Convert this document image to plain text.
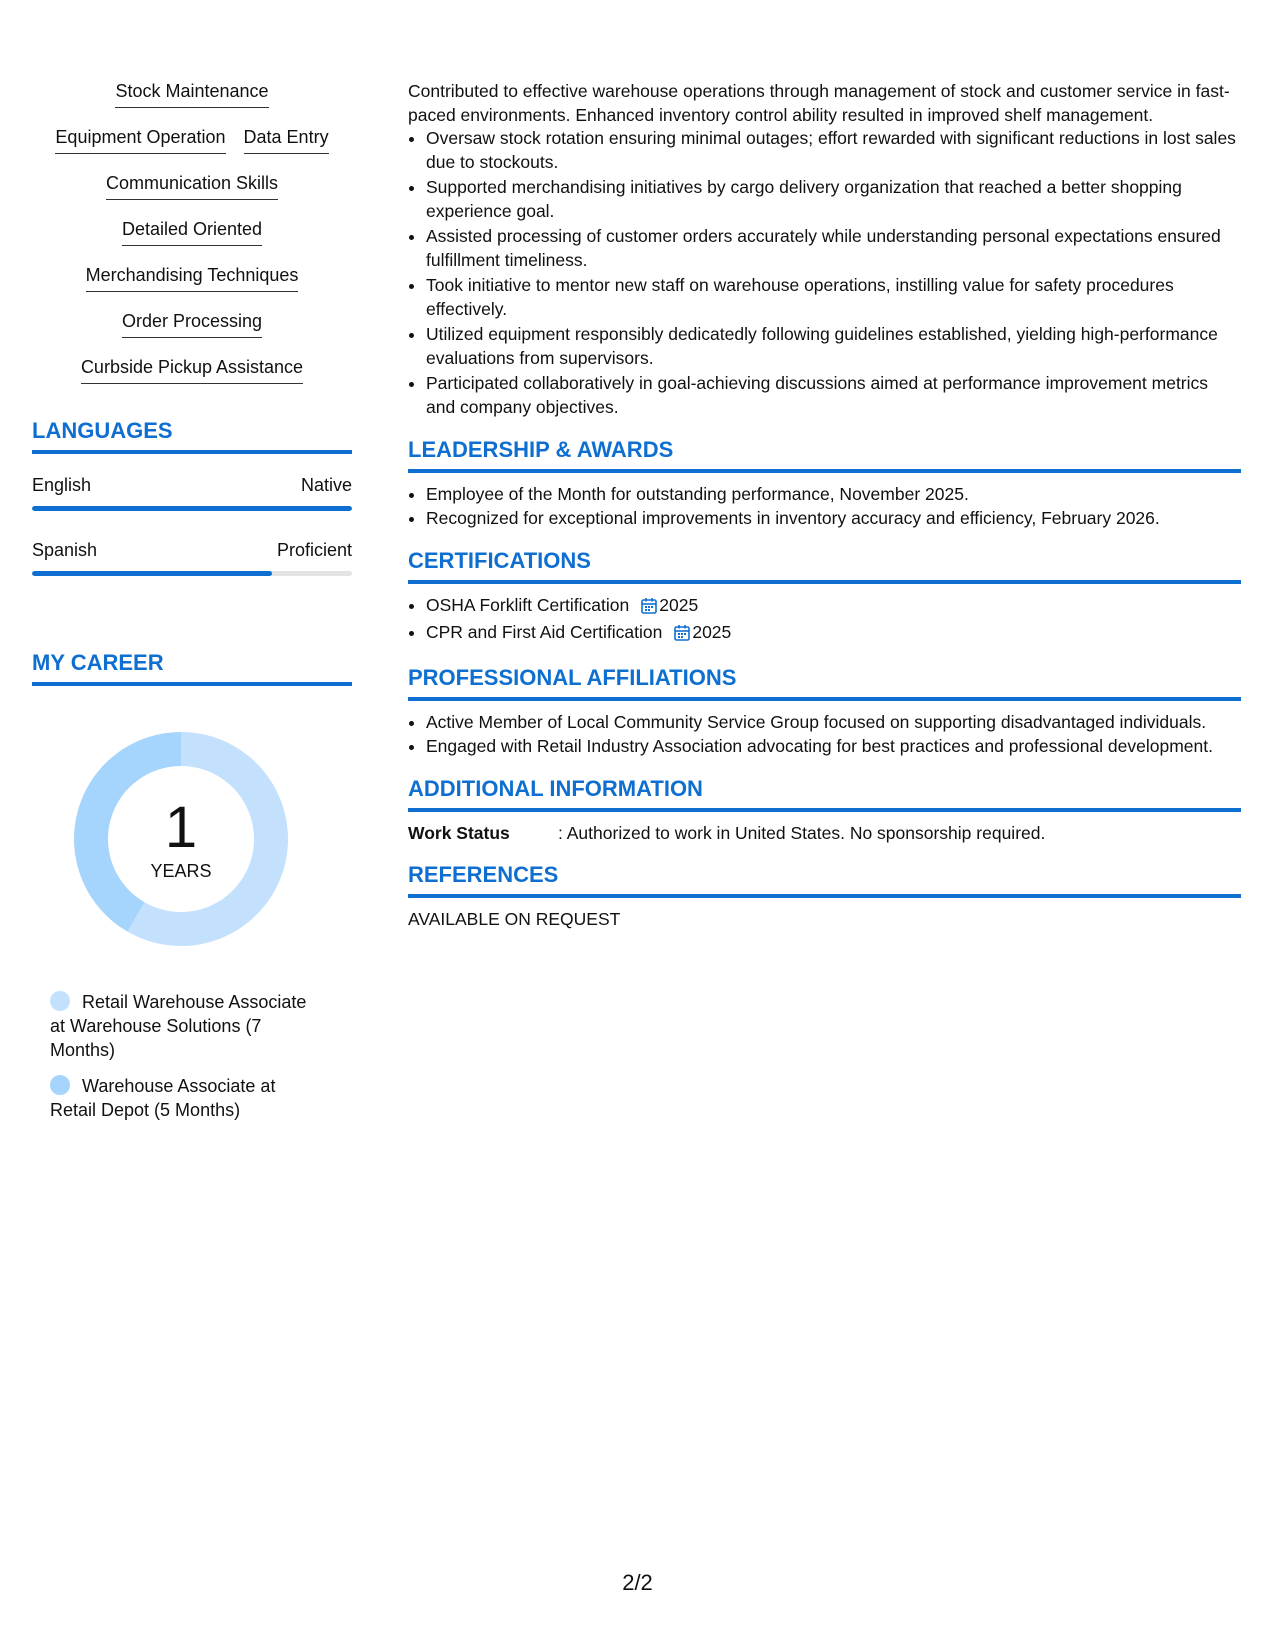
Stock Maintenance
Equipment Operation Data Entry
Communication Skills
Detailed Oriented
Merchandising Techniques
Order Processing
Curbside Pickup Assistance
LANGUAGES
English	Native
Spanish	Proficient
MY CAREER
1
YEARS
Retail Warehouse Associate at Warehouse Solutions (7 Months)
Warehouse Associate at Retail Depot (5 Months)
Contributed to effective warehouse operations through management of stock and customer service in fast-paced environments. Enhanced inventory control ability resulted in improved shelf management.
• Oversaw stock rotation ensuring minimal outages; effort rewarded with significant reductions in lost sales due to stockouts.
• Supported merchandising initiatives by cargo delivery organization that reached a better shopping experience goal.
• Assisted processing of customer orders accurately while understanding personal expectations ensured fulfillment timeliness.
• Took initiative to mentor new staff on warehouse operations, instilling value for safety procedures effectively.
• Utilized equipment responsibly dedicatedly following guidelines established, yielding high-performance evaluations from supervisors.
• Participated collaboratively in goal-achieving discussions aimed at performance improvement metrics and company objectives.
LEADERSHIP & AWARDS
• Employee of the Month for outstanding performance, November 2025.
• Recognized for exceptional improvements in inventory accuracy and efficiency, February 2026.
CERTIFICATIONS
• OSHA Forklift Certification 2025
• CPR and First Aid Certification 2025
PROFESSIONAL AFFILIATIONS
• Active Member of Local Community Service Group focused on supporting disadvantaged individuals.
• Engaged with Retail Industry Association advocating for best practices and professional development.
ADDITIONAL INFORMATION
Work Status	: Authorized to work in United States. No sponsorship required.
REFERENCES
AVAILABLE ON REQUEST
2/2
